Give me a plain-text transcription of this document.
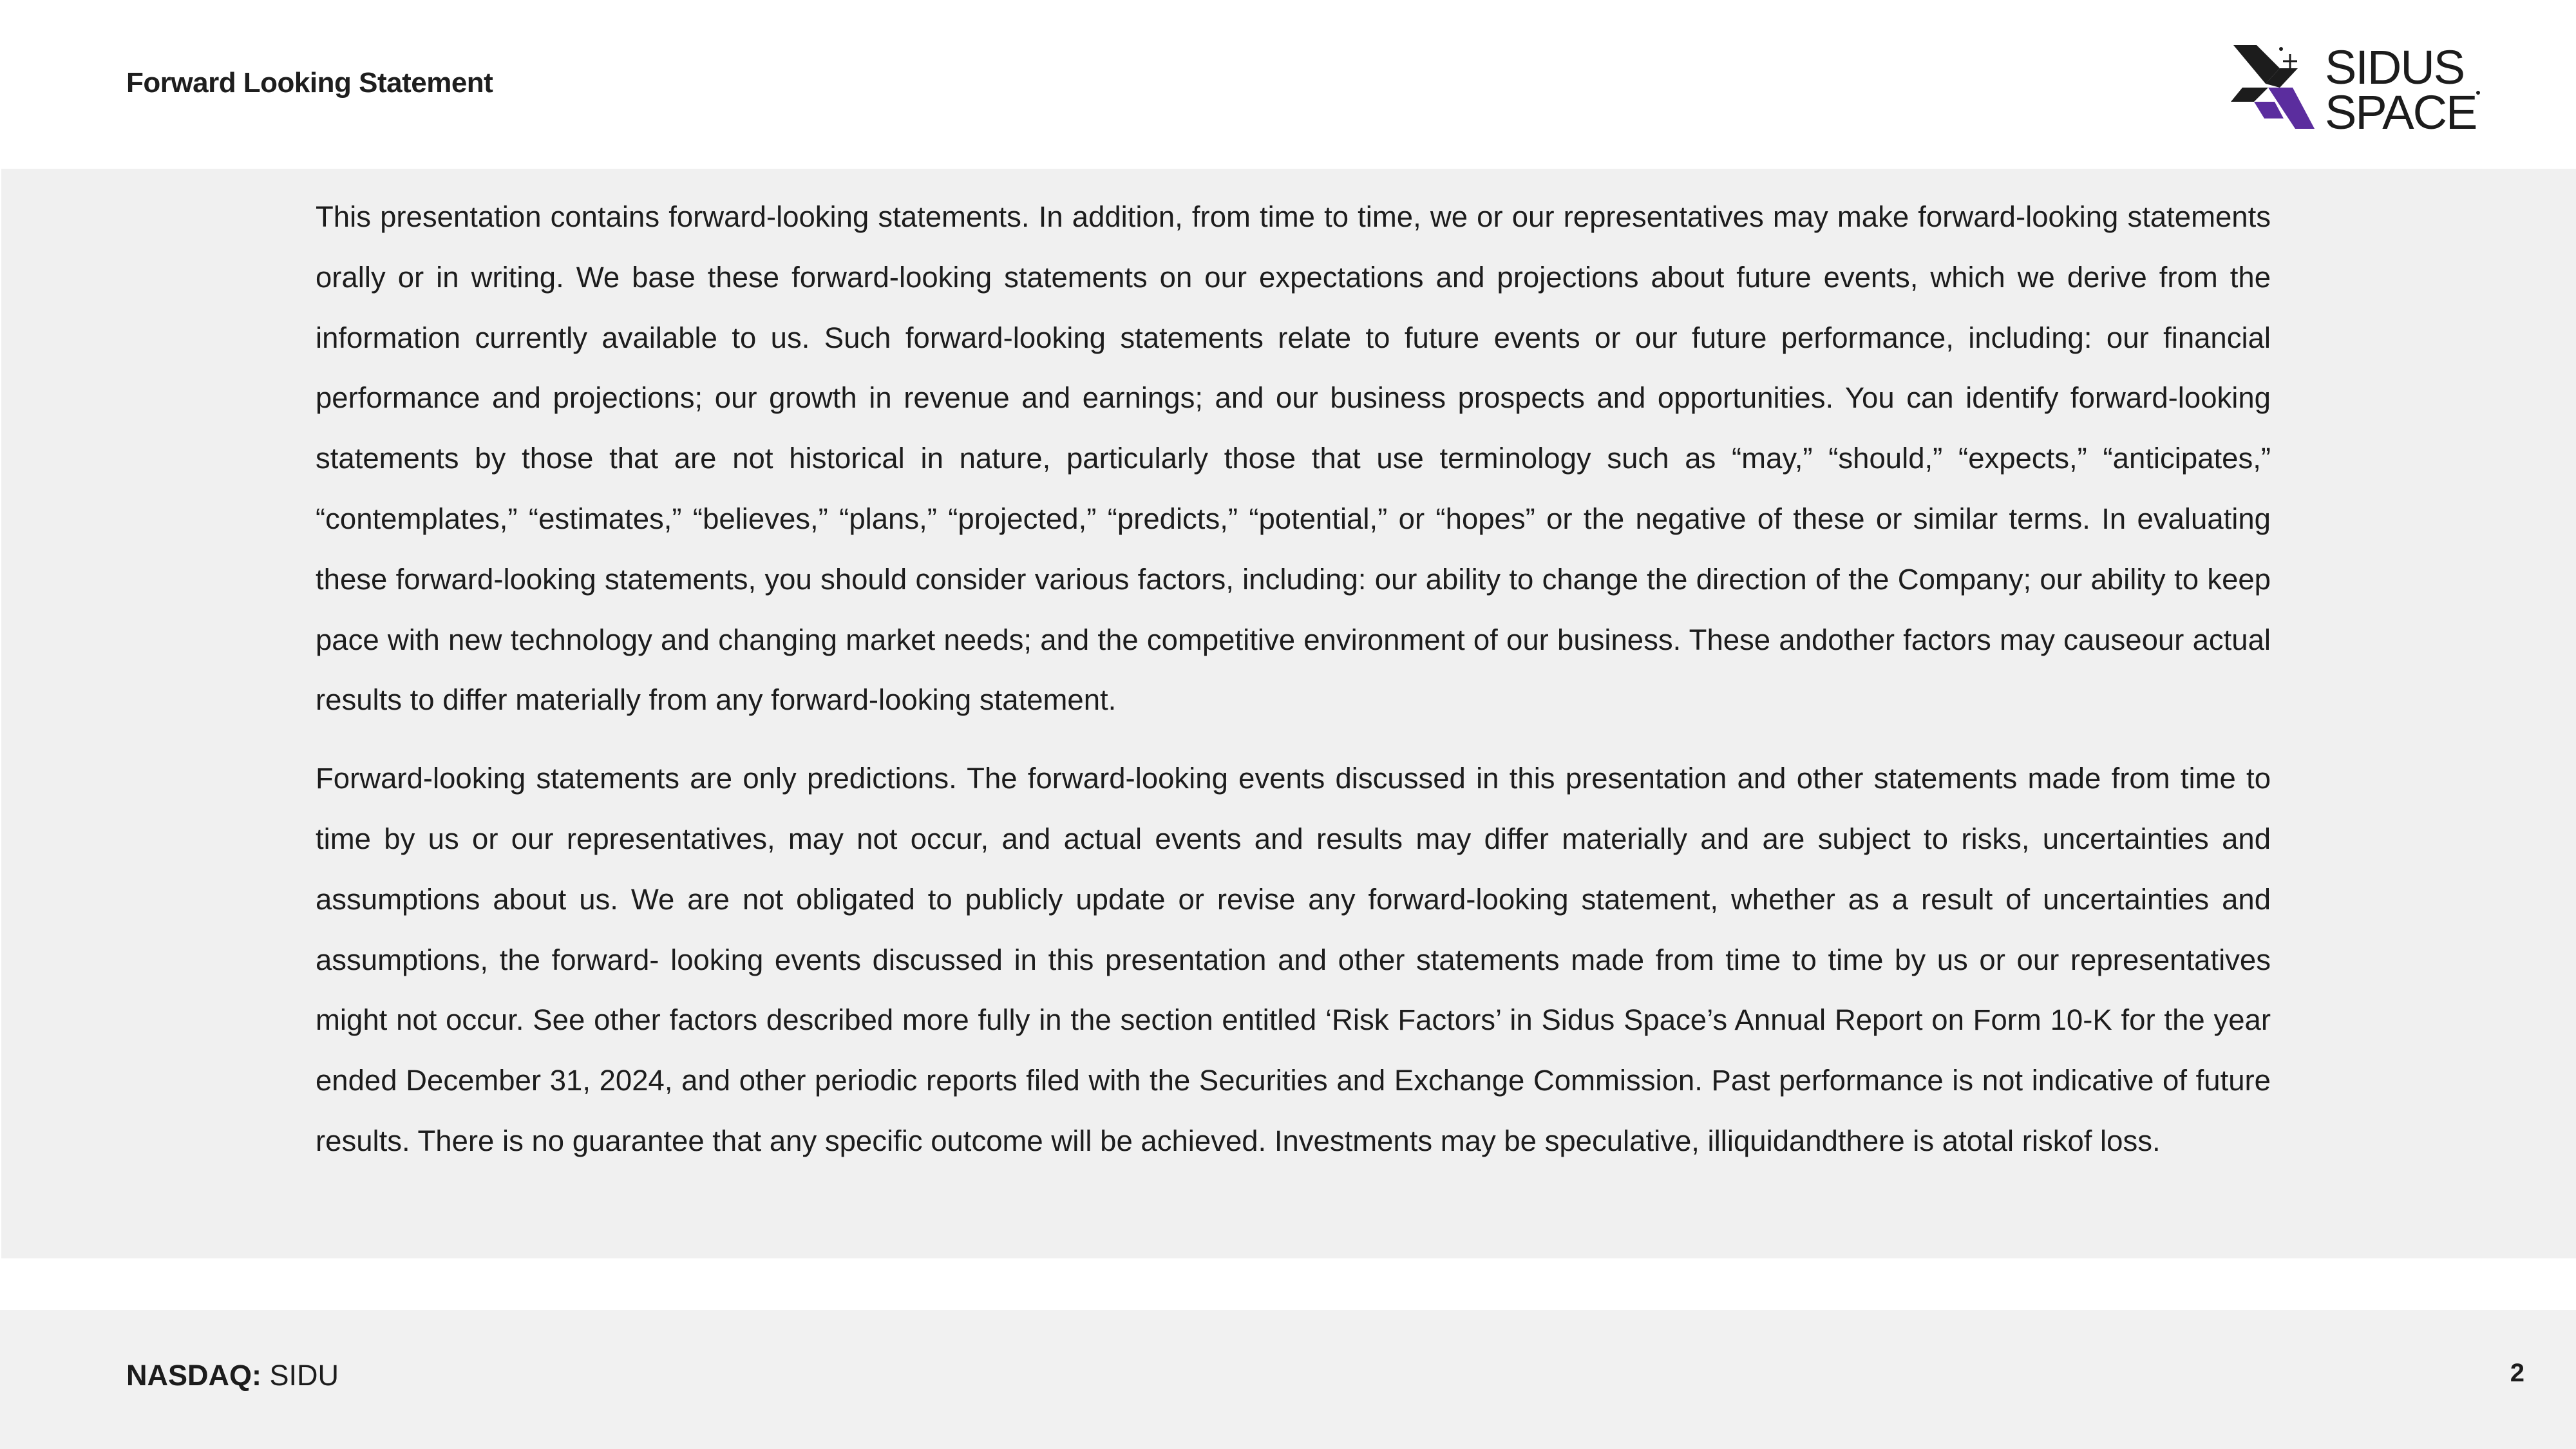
Forward Looking Statement	SIDUS
SPACE

This presentation contains forward-looking statements. In addition, from time to time, we or our representatives may make forward-looking statements orally or in writing. We base these forward-looking statements on our expectations and projections about future events, which we derive from the information currently available to us. Such forward-looking statements relate to future events or our future performance, including: our financial performance and projections; our growth in revenue and earnings; and our business prospects and opportunities. You can identify forward-looking statements by those that are not historical in nature, particularly those that use terminology such as “may,” “should,” “expects,” “anticipates,” “contemplates,” “estimates,” “believes,” “plans,” “projected,” “predicts,” “potential,” or “hopes” or the negative of these or similar terms. In evaluating these forward-looking statements, you should consider various factors, including: our ability to change the direction of the Company; our ability to keep pace with new technology and changing market needs; and the competitive environment of our business. These andother factors may causeour actual results to differ materially from any forward-looking statement.

Forward-looking statements are only predictions. The forward-looking events discussed in this presentation and other statements made from time to time by us or our representatives, may not occur, and actual events and results may differ materially and are subject to risks, uncertainties and assumptions about us. We are not obligated to publicly update or revise any forward-looking statement, whether as a result of uncertainties and assumptions, the forward- looking events discussed in this presentation and other statements made from time to time by us or our representatives might not occur. See other factors described more fully in the section entitled ‘Risk Factors’ in Sidus Space’s Annual Report on Form 10-K for the year ended December 31, 2024, and other periodic reports filed with the Securities and Exchange Commission. Past performance is not indicative of future results. There is no guarantee that any specific outcome will be achieved. Investments may be speculative, illiquidandthere is atotal riskof loss.

NASDAQ: SIDU	2
